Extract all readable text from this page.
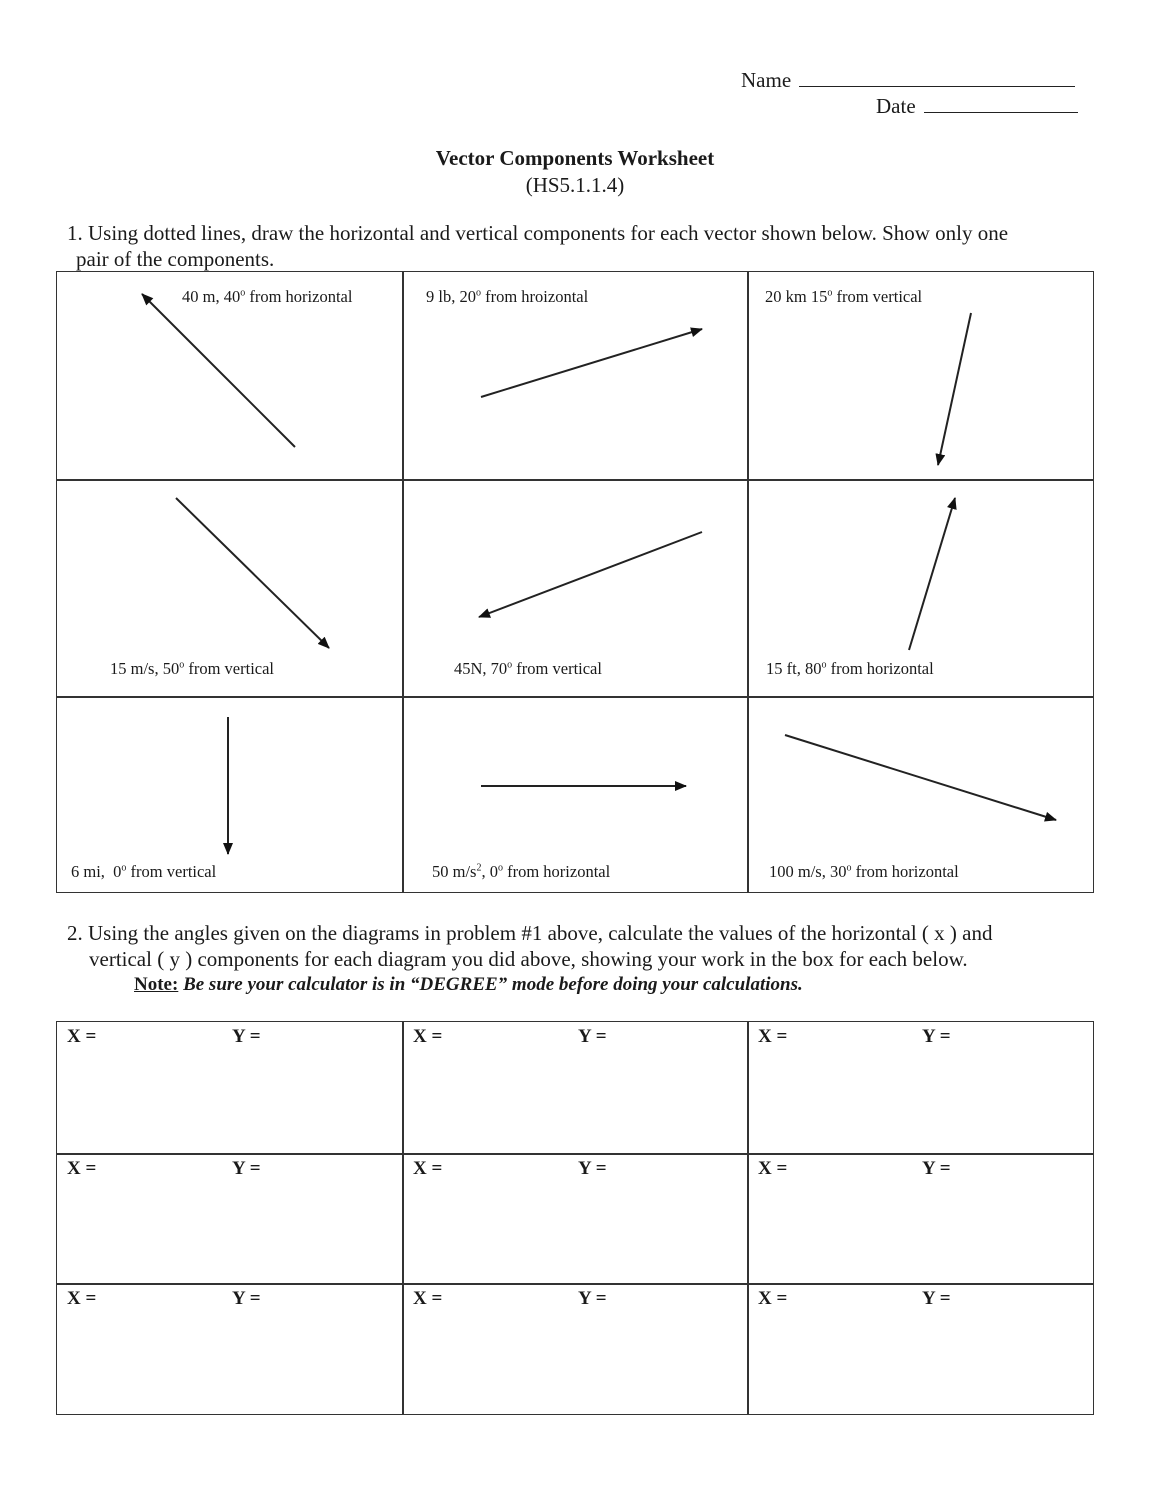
Name
Date
Vector Components Worksheet
(HS5.1.1.4)
1. Using dotted lines, draw the horizontal and vertical components for each vector shown below. Show only one
pair of the components.
40 m, 40$^o$ from horizontal	9 lb, 20$^o$ from hroizontal	20 km 15$^o$ from vertical
15 m/s, 50$^o$ from vertical	45N, 70$^o$ from vertical	15 ft, 80$^o$ from horizontal
6 mi,  0$^o$ from vertical	50 $m/s^2$, 0$^o$ from horizontal	100 m/s, 30$^o$ from horizontal
2. Using the angles given on the diagrams in problem #1 above, calculate the values of the horizontal ( x ) and
vertical ( y ) components for each diagram you did above, showing your work in the box for each below.
Note: Be sure your calculator is in “DEGREE” mode before doing your calculations.
X =	Y =	X =	Y =	X =	Y =
X =	Y =	X =	Y =	X =	Y =
X =	Y =	X =	Y =	X =	Y =
